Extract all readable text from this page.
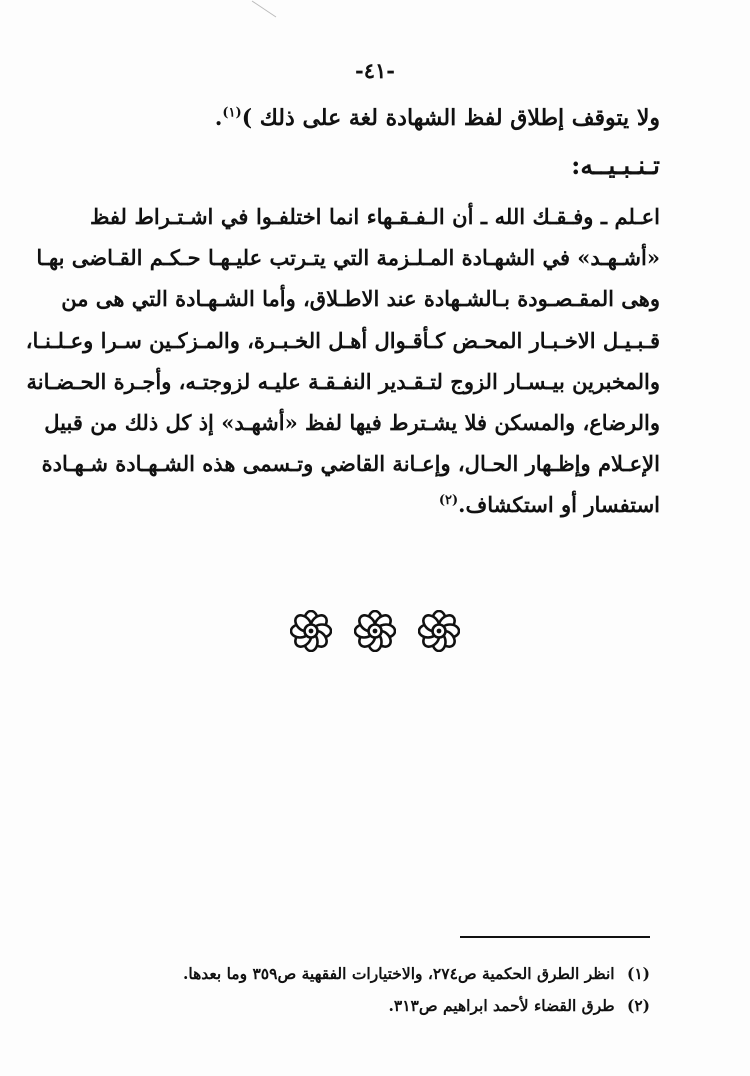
-٤١-
ولا يتوقف إطلاق لفظ الشهادة لغة على ذلك )$^{(١)}$.
تـنـبـيــه:
اعـلم ـ وفـقـك الله ـ أن الـفـقـهاء انما اختلفـوا في اشـتـراط لفظ
«أشـهـد» في الشهـادة المـلـزمة التي يتـرتب عليـهـا حـكـم القـاضى بهـا
وهى المقـصـودة بـالشـهادة عند الاطـلاق، وأما الشـهـادة التي هى من
قـبـيـل الاخـبـار المحـض كـأقـوال أهـل الخـبـرة، والمـزكـين سـرا وعـلـنـا،
والمخبرين بيـسـار الزوج لتـقـدير النفـقـة عليـه لزوجتـه، وأجـرة الحـضـانة
والرضاع، والمسكن فلا يشـترط فيها لفظ «أشهـد» إذ كل ذلك من قبيل
الإعـلام وإظـهار الحـال، وإعـانة القاضي وتـسمى هذه الشـهـادة شـهـادة
استفسار أو استكشاف.$^{(٢)}$
(١) انظر الطرق الحكمية ص٢٧٤، والاختيارات الفقهية ص٣٥٩ وما بعدها.
(٢) طرق القضاء لأحمد ابراهيم ص٣١٣.
